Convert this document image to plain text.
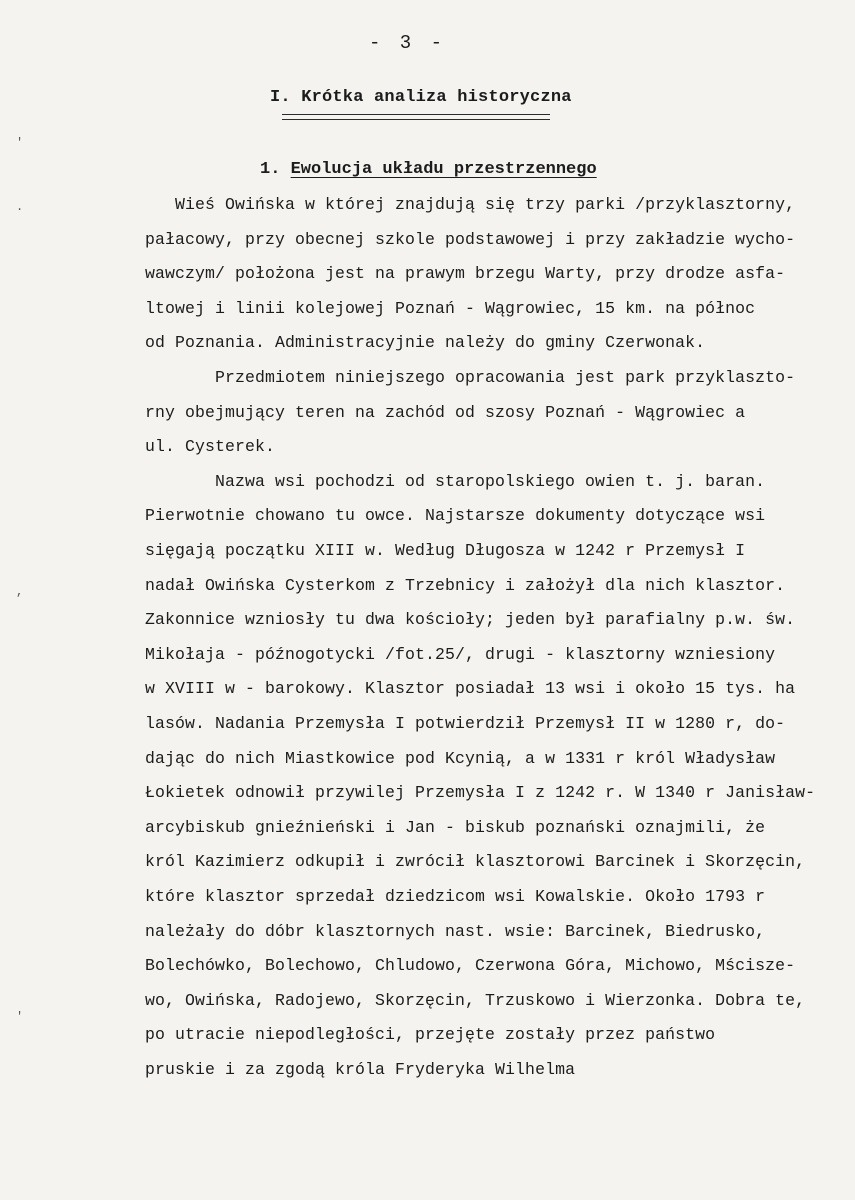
- 3 -
I. Krótka analiza historyczna
1. Ewolucja układu przestrzennego
Wieś Owińska w której znajdują się trzy parki /przyklasztorny,
pałacowy, przy obecnej szkole podstawowej i przy zakładzie wycho-
wawczym/ położona jest na prawym brzegu Warty, przy drodze asfa-
ltowej i linii kolejowej Poznań - Wągrowiec, 15 km. na północ
od Poznania. Administracyjnie należy do gminy Czerwonak.
Przedmiotem niniejszego opracowania jest park przyklaszto-
rny obejmujący teren na zachód od szosy Poznań - Wągrowiec a
ul. Cysterek.
Nazwa wsi pochodzi od staropolskiego owien t. j. baran.
Pierwotnie chowano tu owce. Najstarsze dokumenty dotyczące wsi
sięgają początku XIII w. Według Długosza w 1242 r Przemysł I
nadał Owińska Cysterkom z Trzebnicy i założył dla nich klasztor.
Zakonnice wzniosły tu dwa kościoły; jeden był parafialny p.w. św.
Mikołaja - późnogotycki /fot.25/, drugi - klasztorny wzniesiony
w XVIII w - barokowy. Klasztor posiadał 13 wsi i około 15 tys. ha
lasów. Nadania Przemysła I potwierdził Przemysł II w 1280 r, do-
dając do nich Miastkowice pod Kcynią, a w 1331 r król Władysław
Łokietek odnowił przywilej Przemysła I z 1242 r. W 1340 r Janisław-
arcybiskub gnieźnieński i Jan - biskub poznański oznajmili, że
król Kazimierz odkupił i zwrócił klasztorowi Barcinek i Skorzęcin,
które klasztor sprzedał dziedzicom wsi Kowalskie. Około 1793 r
należały do dóbr klasztornych nast. wsie: Barcinek, Biedrusko,
Bolechówko, Bolechowo, Chludowo, Czerwona Góra, Michowo, Mściszе-
wo, Owińska, Radojewo, Skorzęcin, Trzuskowo i Wierzonka. Dobra te,
po utracie niepodległości, przejęte zostały przez państwo
pruskie i za zgodą króla Fryderyka Wilhelma
'
.
,
'
